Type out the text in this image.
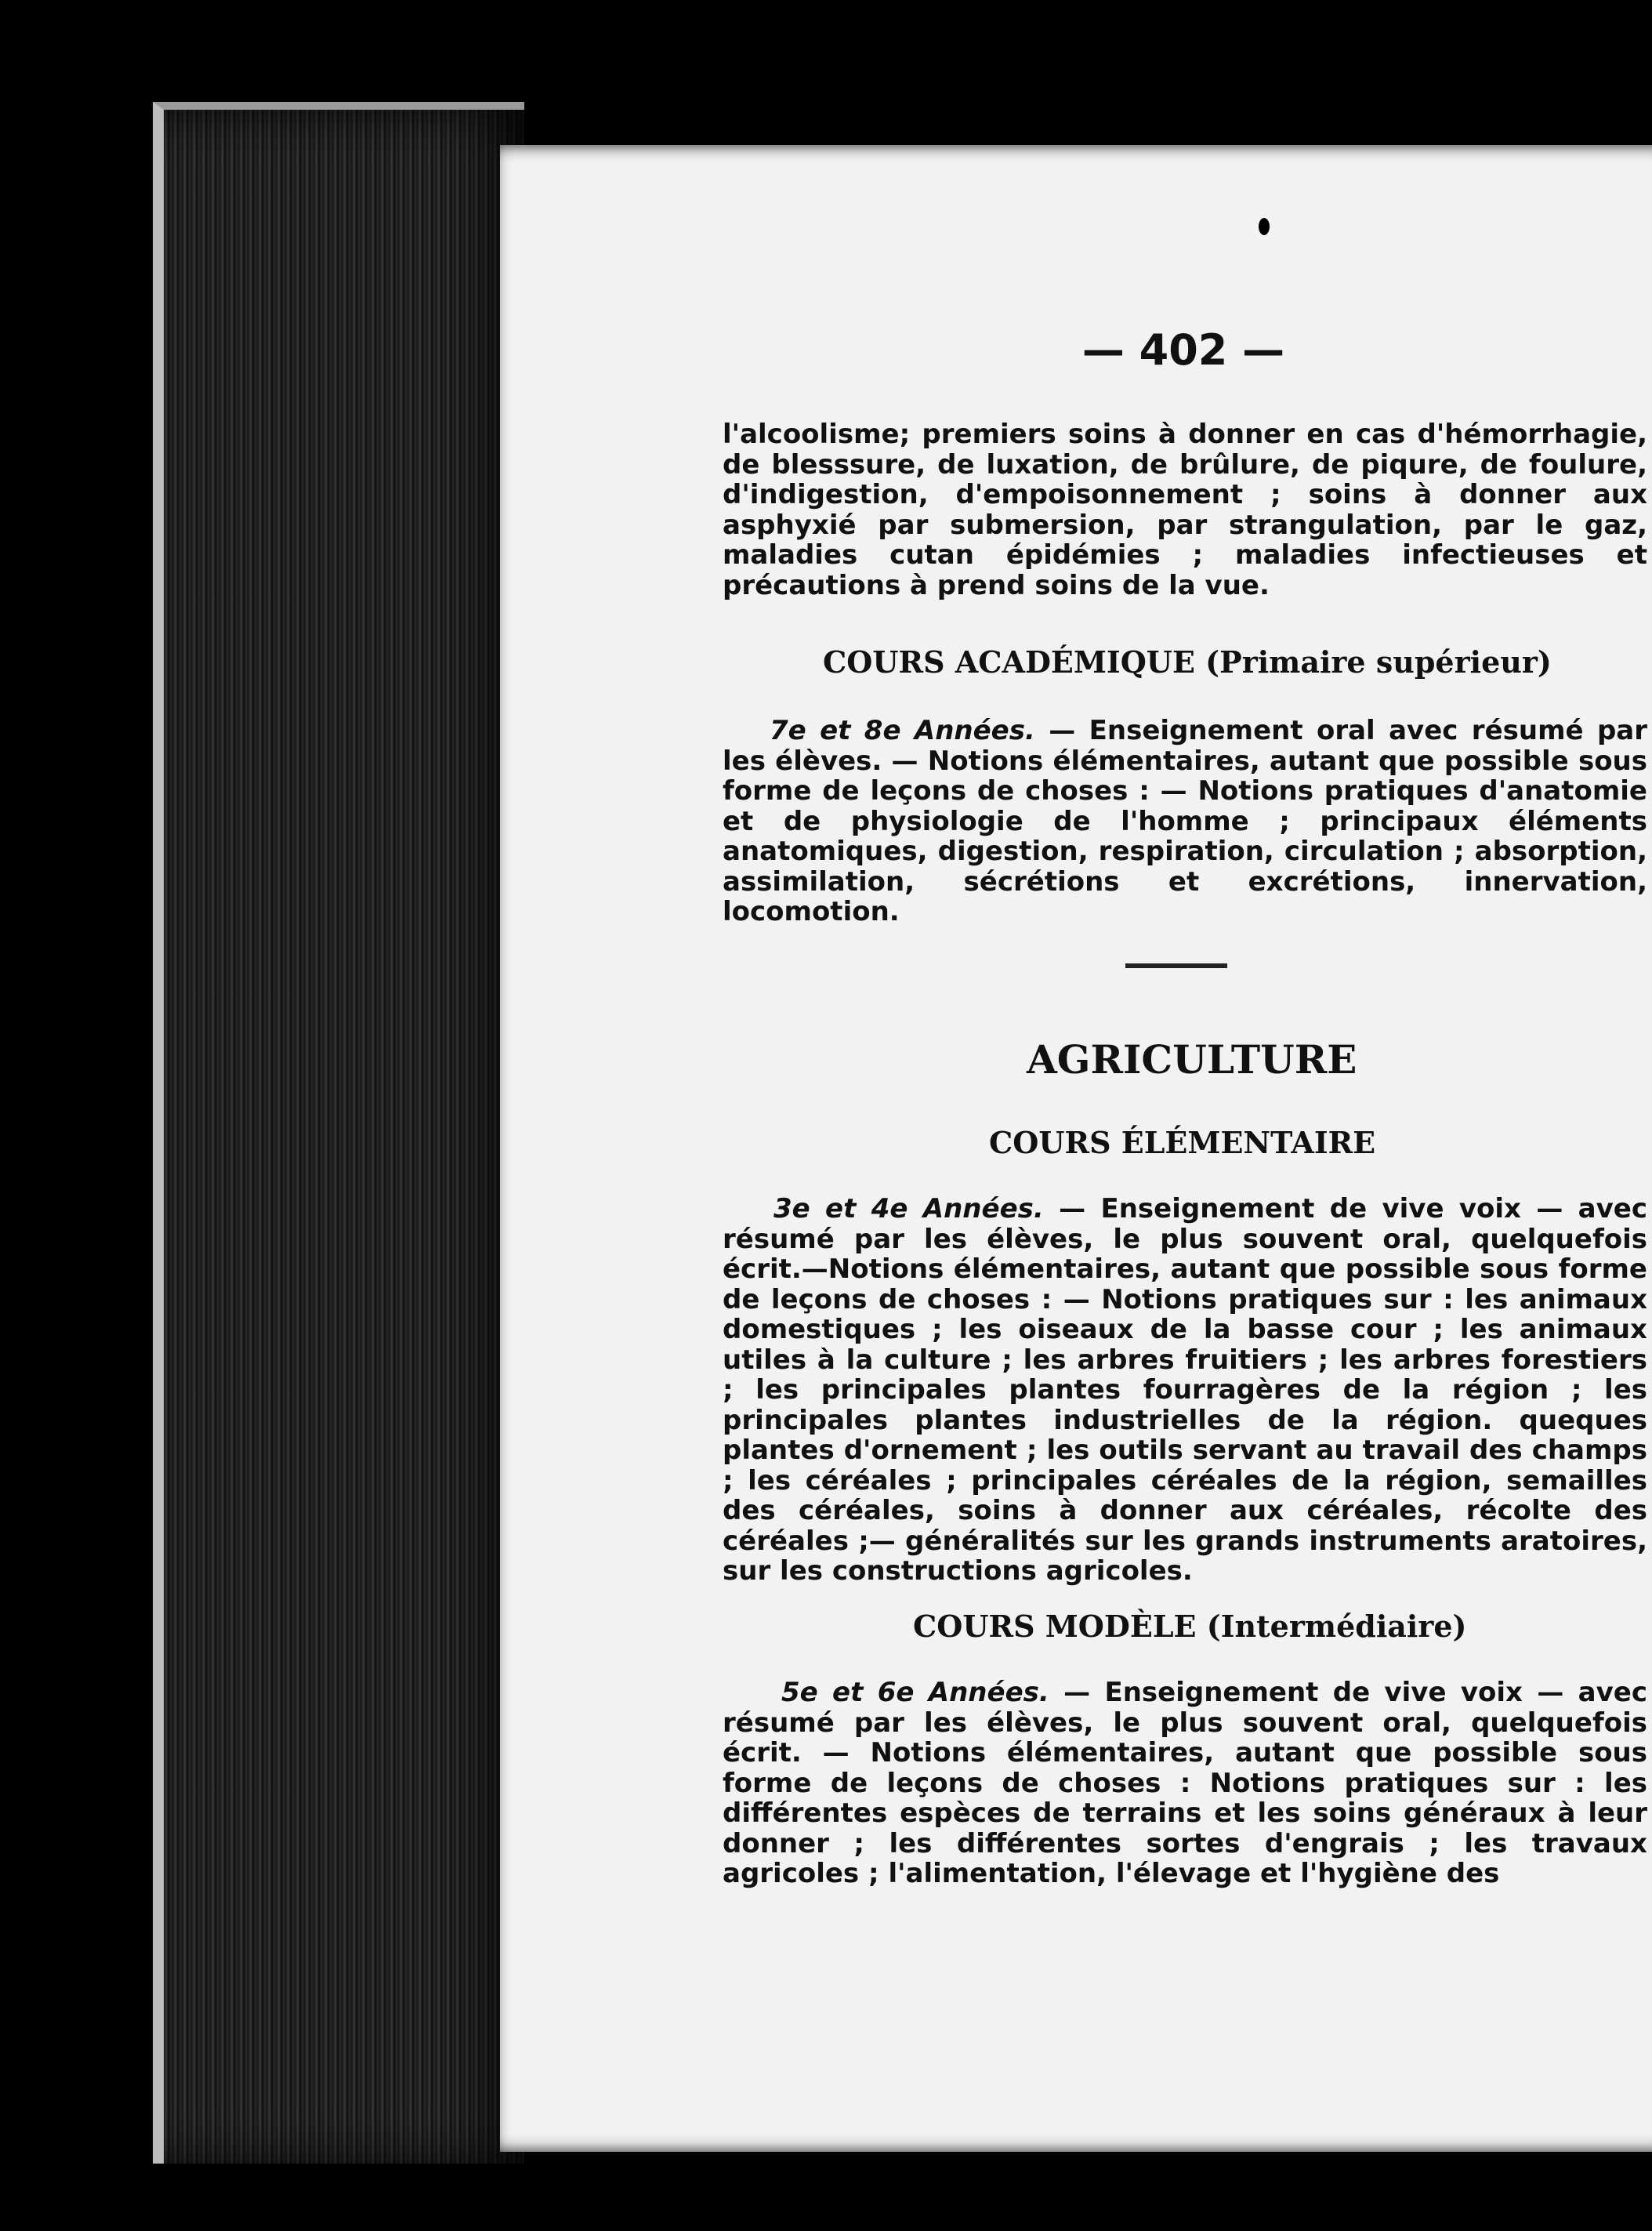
— 402 —

l'alcoolisme; premiers soins à donner en cas d'hémorrhagie, de blesssure, de luxation, de brûlure, de piqure, de foulure, d'indigestion, d'empoisonnement ; soins à donner aux asphyxié par submersion, par strangulation, par le gaz, maladies cutan épidémies ; maladies infectieuses et précautions à prend soins de la vue.

COURS ACADÉMIQUE (Primaire supérieur)

7e et 8e Années. — Enseignement oral avec résumé par les élèves. — Notions élémentaires, autant que possible sous forme de leçons de choses : — Notions pratiques d'anatomie et de physiologie de l'homme ; principaux éléments anatomiques, digestion, respiration, circulation ; absorption, assimilation, sécrétions et excrétions, innervation, locomotion.

AGRICULTURE
COURS ÉLÉMENTAIRE

3e et 4e Années. — Enseignement de vive voix — avec résumé par les élèves, le plus souvent oral, quelquefois écrit.—Notions élémentaires, autant que possible sous forme de leçons de choses : — Notions pratiques sur : les animaux domestiques ; les oiseaux de la basse cour ; les animaux utiles à la culture ; les arbres fruitiers ; les arbres forestiers ; les principales plantes fourragères de la région ; les principales plantes industrielles de la région. queques plantes d'ornement ; les outils servant au travail des champs ; les céréales ; principales céréales de la région, semailles des céréales, soins à donner aux céréales, récolte des céréales ;— généralités sur les grands instruments aratoires, sur les constructions agricoles.

COURS MODÈLE (Intermédiaire)

5e et 6e Années. — Enseignement de vive voix — avec résumé par les élèves, le plus souvent oral, quelquefois écrit. — Notions élémentaires, autant que possible sous forme de leçons de choses : Notions pratiques sur : les différentes espèces de terrains et les soins généraux à leur donner ; les différentes sortes d'engrais ; les travaux agricoles ; l'alimentation, l'élevage et l'hygiène des
